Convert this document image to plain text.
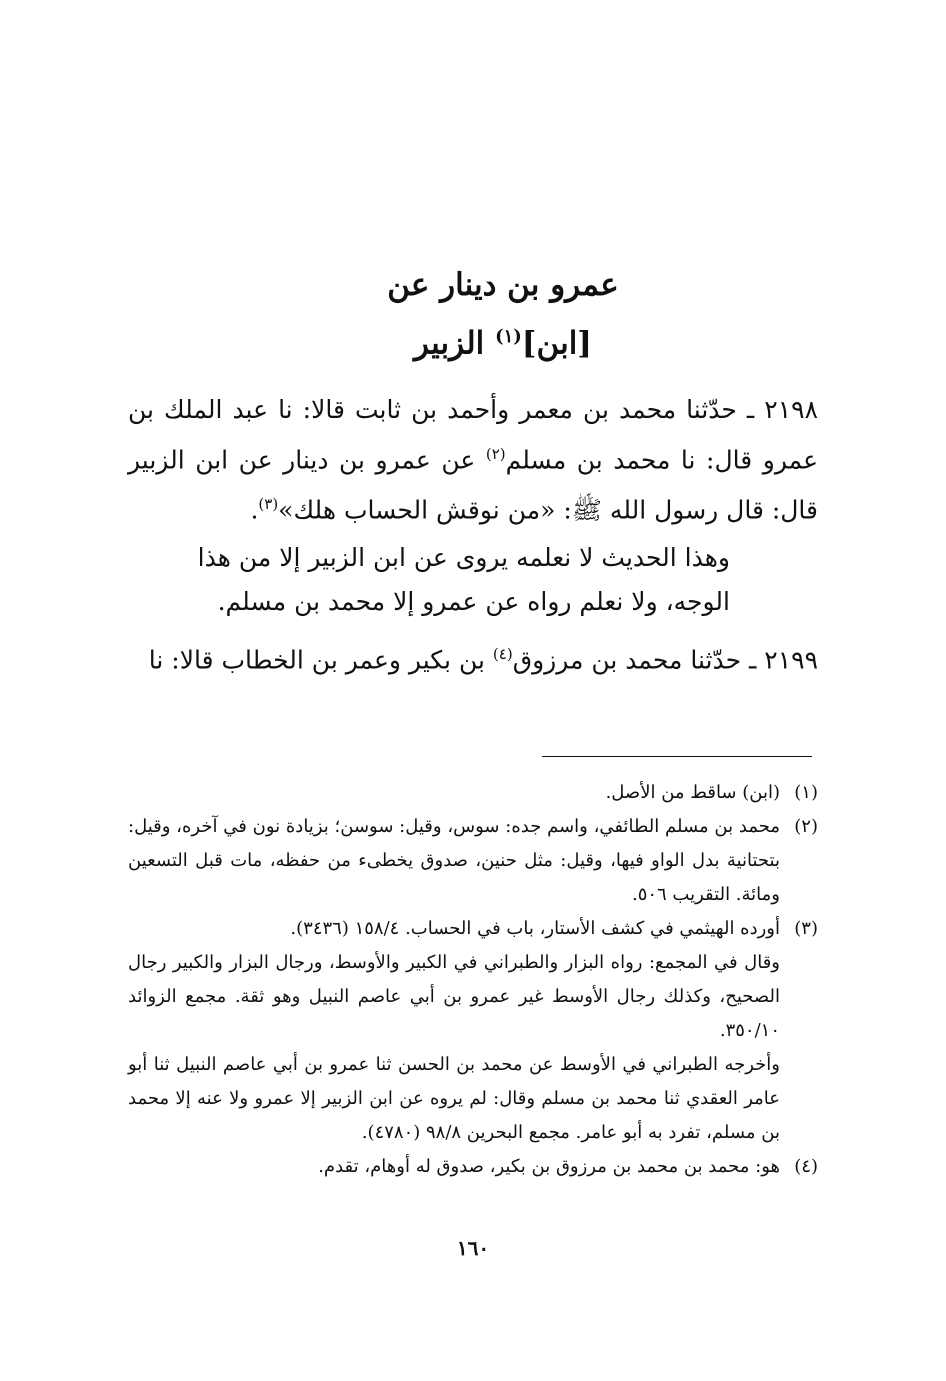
عمرو بن دينار عن
[ابن]$^{(١)}$ الزبير
٢١٩٨ ـ حدّثنا محمد بن معمر وأحمد بن ثابت قالا: نا عبد الملك بن عمرو قال: نا محمد بن مسلم$^{(٢)}$ عن عمرو بن دينار عن ابن الزبير قال: قال رسول الله ﷺ: «من نوقش الحساب هلك»$^{(٣)}$.

وهذا الحديث لا نعلمه يروى عن ابن الزبير إلا من هذا

الوجه، ولا نعلم رواه عن عمرو إلا محمد بن مسلم.

٢١٩٩ ـ حدّثنا محمد بن مرزوق$^{(٤)}$ بن بكير وعمر بن الخطاب قالا: نا
(١)

(ابن) ساقط من الأصل.

(٢)

محمد بن مسلم الطائفي، واسم جده: سوس، وقيل: سوسن؛ بزيادة نون في آخره، وقيل: بتحتانية بدل الواو فيها، وقيل: مثل حنين، صدوق يخطىء من حفظه، مات قبل التسعين ومائة. التقريب ٥٠٦.

(٣)

أورده الهيثمي في كشف الأستار، باب في الحساب. ١٥٨/٤ (٣٤٣٦).

وقال في المجمع: رواه البزار والطبراني في الكبير والأوسط، ورجال البزار والكبير رجال الصحيح، وكذلك رجال الأوسط غير عمرو بن أبي عاصم النبيل وهو ثقة. مجمع الزوائد ٣٥٠/١٠.

وأخرجه الطبراني في الأوسط عن محمد بن الحسن ثنا عمرو بن أبي عاصم النبيل ثنا أبو عامر العقدي ثنا محمد بن مسلم وقال: لم يروه عن ابن الزبير إلا عمرو ولا عنه إلا محمد بن مسلم، تفرد به أبو عامر. مجمع البحرين ٩٨/٨ (٤٧٨٠).

(٤)

هو: محمد بن محمد بن مرزوق بن بكير، صدوق له أوهام، تقدم.

١٦٠
